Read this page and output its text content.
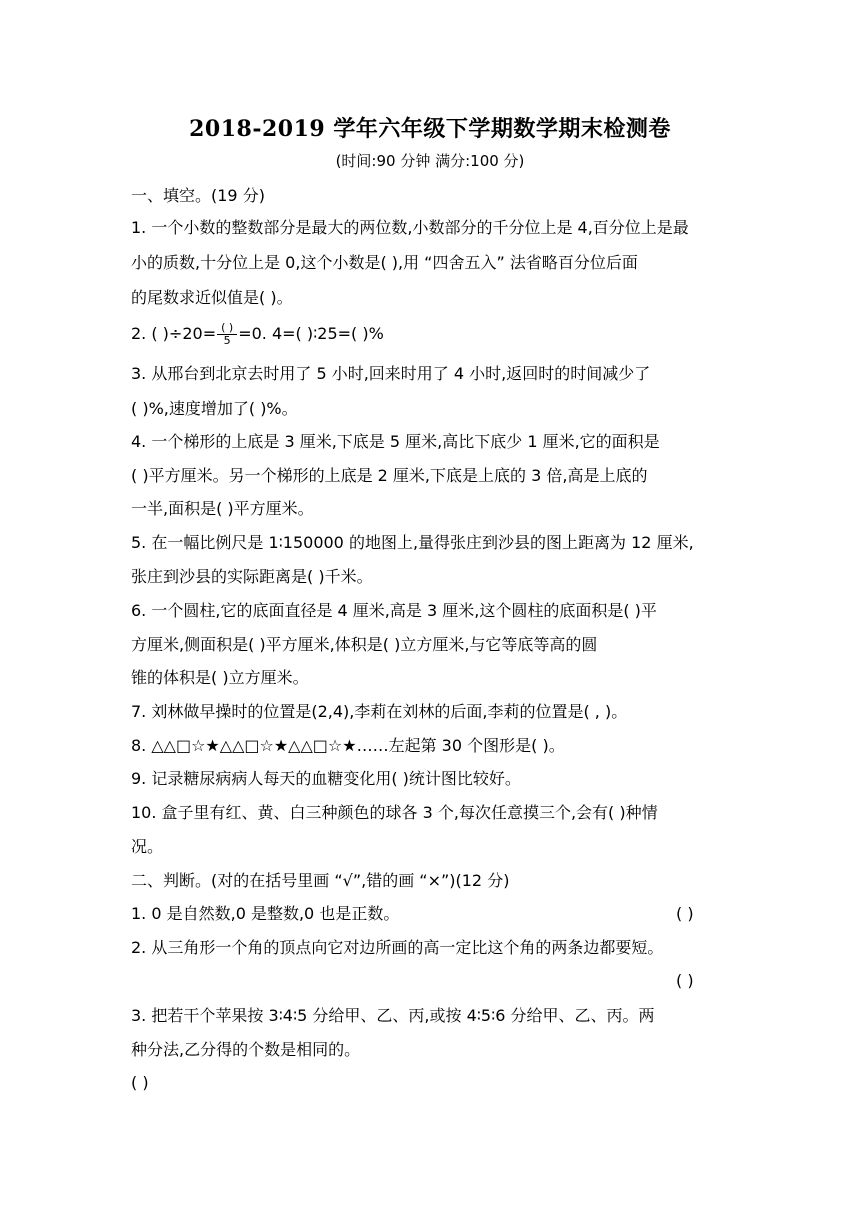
2018-2019 学年六年级下学期数学期末检测卷
(时间:90 分钟 满分:100 分)
一、填空。(19 分)
1. 一个小数的整数部分是最大的两位数,小数部分的千分位上是 4,百分位上是最
小的质数,十分位上是 0,这个小数是( ),用 “四舍五入” 法省略百分位后面
的尾数求近似值是( )。
2. ( )$\div 20= \frac{( )}{5} =0$. 4=( )∶25=( )%
3. 从邢台到北京去时用了 5 小时,回来时用了 4 小时,返回时的时间减少了
( )%,速度增加了( )%。
4. 一个梯形的上底是 3 厘米,下底是 5 厘米,高比下底少 1 厘米,它的面积是
( )平方厘米。另一个梯形的上底是 2 厘米,下底是上底的 3 倍,高是上底的
一半,面积是( )平方厘米。
5. 在一幅比例尺是 1∶150000 的地图上,量得张庄到沙县的图上距离为 12 厘米,
张庄到沙县的实际距离是( )千米。
6. 一个圆柱,它的底面直径是 4 厘米,高是 3 厘米,这个圆柱的底面积是( )平
方厘米,侧面积是( )平方厘米,体积是( )立方厘米,与它等底等高的圆
锥的体积是( )立方厘米。
7. 刘林做早操时的位置是(2,4),李莉在刘林的后面,李莉的位置是( , )。
8. △△□☆★△△□☆★△△□☆★……左起第 30 个图形是( )。
9. 记录糖尿病病人每天的血糖变化用( )统计图比较好。
10. 盒子里有红、黄、白三种颜色的球各 3 个,每次任意摸三个,会有( )种情
况。
二、判断。(对的在括号里画 “√”,错的画 “×”)(12 分)
1. 0 是自然数,0 是整数,0 也是正数。	( )
2. 从三角形一个角的顶点向它对边所画的高一定比这个角的两条边都要短。
( )
3. 把若干个苹果按 3∶4∶5 分给甲、乙、丙,或按 4∶5∶6 分给甲、乙、丙。两
种分法,乙分得的个数是相同的。
( )
